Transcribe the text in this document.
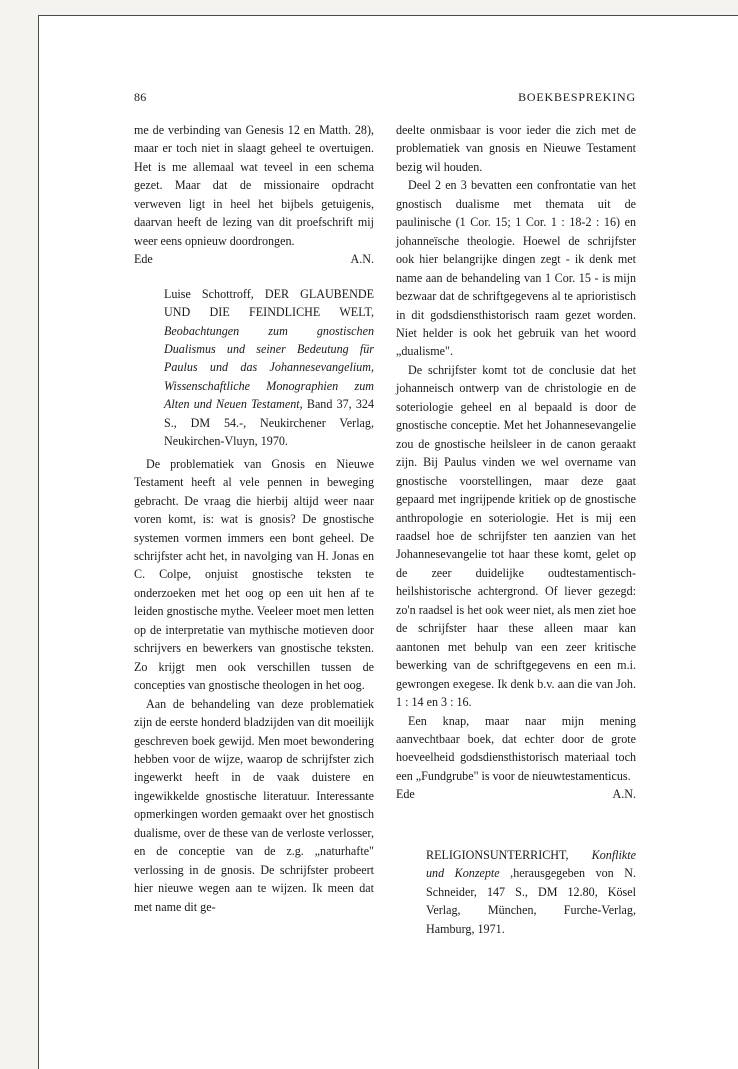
86	BOEKBESPREKING

me de verbinding van Genesis 12 en Matth. 28), maar er toch niet in slaagt geheel te overtuigen. Het is me allemaal wat teveel in een schema gezet. Maar dat de missionaire opdracht verweven ligt in heel het bijbels getuigenis, daarvan heeft de lezing van dit proefschrift mij weer eens opnieuw doordrongen.

Ede	A.N.
Luise Schottroff, DER GLAUBENDE UND DIE FEINDLICHE WELT, Beobachtungen zum gnostischen Dualismus und seiner Bedeutung für Paulus und das Johannesevangelium, Wissenschaftliche Monographien zum Alten und Neuen Testament, Band 37, 324 S., DM 54.-, Neukirchener Verlag, Neukirchen-Vluyn, 1970.

De problematiek van Gnosis en Nieuwe Testament heeft al vele pennen in beweging gebracht. De vraag die hierbij altijd weer naar voren komt, is: wat is gnosis? De gnostische systemen vormen immers een bont geheel. De schrijfster acht het, in navolging van H. Jonas en C. Colpe, onjuist gnostische teksten te onderzoeken met het oog op een uit hen af te leiden gnostische mythe. Veeleer moet men letten op de interpretatie van mythische motieven door schrijvers en bewerkers van gnostische teksten. Zo krijgt men ook verschillen tussen de concepties van gnostische theologen in het oog.

Aan de behandeling van deze problematiek zijn de eerste honderd bladzijden van dit moeilijk geschreven boek gewijd. Men moet bewondering hebben voor de wijze, waarop de schrijfster zich ingewerkt heeft in de vaak duistere en ingewikkelde gnostische literatuur. Interessante opmerkingen worden gemaakt over het gnostisch dualisme, over de these van de verloste verlosser, en de conceptie van de z.g. „naturhafte" verlossing in de gnosis. De schrijfster probeert hier nieuwe wegen aan te wijzen. Ik meen dat met name dit ge-

deelte onmisbaar is voor ieder die zich met de problematiek van gnosis en Nieuwe Testament bezig wil houden.

Deel 2 en 3 bevatten een confrontatie van het gnostisch dualisme met themata uit de paulinische (1 Cor. 15; 1 Cor. 1 : 18-2 : 16) en johanneïsche theologie. Hoewel de schrijfster ook hier belangrijke dingen zegt - ik denk met name aan de behandeling van 1 Cor. 15 - is mijn bezwaar dat de schriftgegevens al te aprioristisch in dit godsdiensthistorisch raam gezet worden. Niet helder is ook het gebruik van het woord „dualisme".

De schrijfster komt tot de conclusie dat het johanneisch ontwerp van de christologie en de soteriologie geheel en al bepaald is door de gnostische conceptie. Met het Johannesevangelie zou de gnostische heilsleer in de canon geraakt zijn. Bij Paulus vinden we wel overname van gnostische voorstellingen, maar deze gaat gepaard met ingrijpende kritiek op de gnostische anthropologie en soteriologie. Het is mij een raadsel hoe de schrijfster ten aanzien van het Johannesevangelie tot haar these komt, gelet op de zeer duidelijke oudtestamentisch-heilshistorische achtergrond. Of liever gezegd: zo'n raadsel is het ook weer niet, als men ziet hoe de schrijfster haar these alleen maar kan aantonen met behulp van een zeer kritische bewerking van de schriftgegevens en een m.i. gewrongen exegese. Ik denk b.v. aan die van Joh. 1 : 14 en 3 : 16.

Een knap, maar naar mijn mening aanvechtbaar boek, dat echter door de grote hoeveelheid godsdiensthistorisch materiaal toch een „Fundgrube" is voor de nieuwtestamenticus.

Ede	A.N.
RELIGIONSUNTERRICHT, Konflikte und Konzepte ,herausgegeben von N. Schneider, 147 S., DM 12.80, Kösel Verlag, München, Furche-Verlag, Hamburg, 1971.
